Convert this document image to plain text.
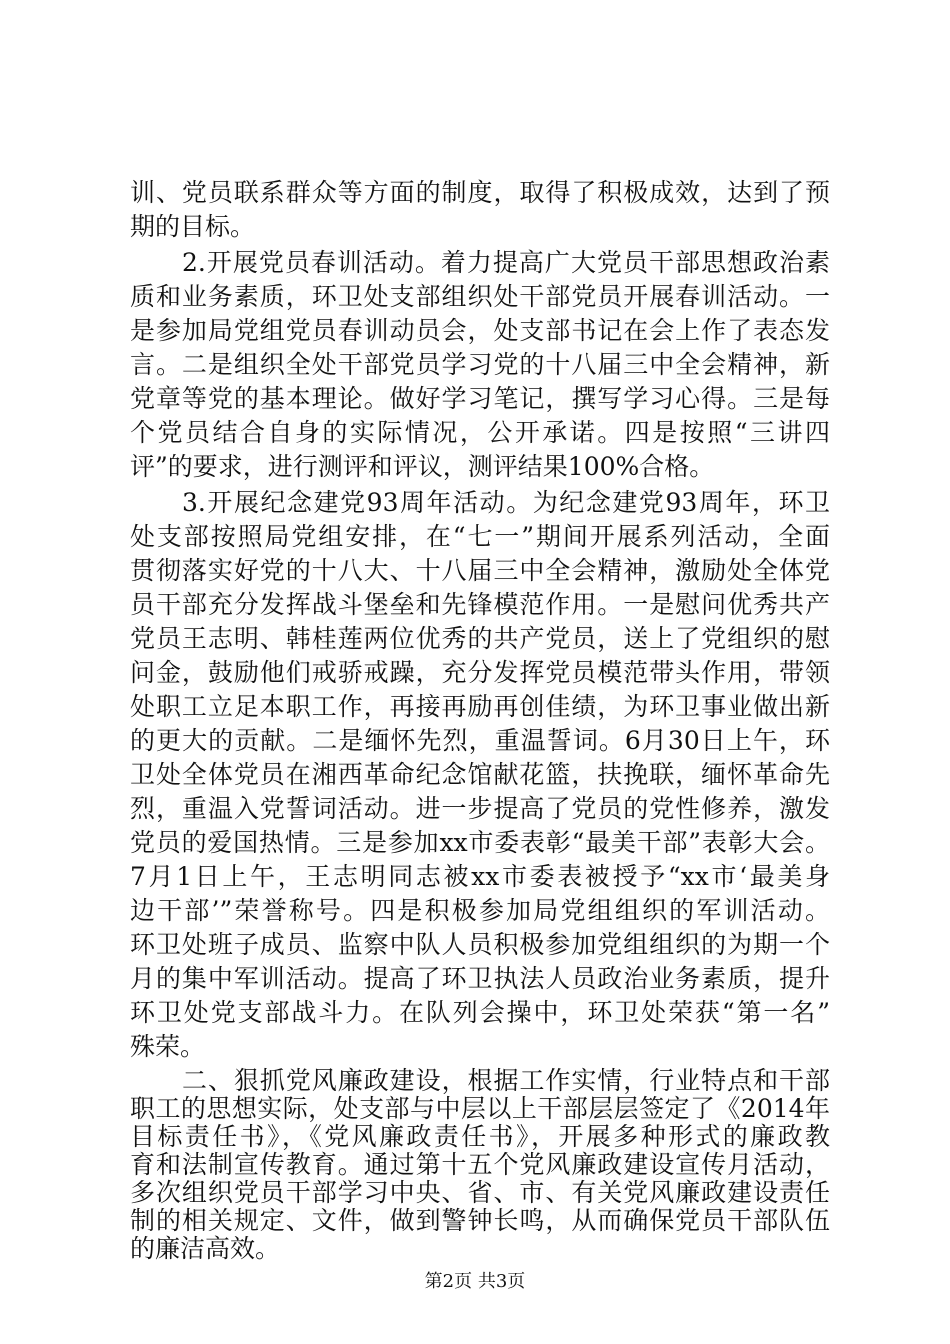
训、党员联系群众等方面的制度，取得了积极成效，达到了预
期的目标。
2.开展党员春训活动。着力提高广大党员干部思想政治素
质和业务素质，环卫处支部组织处干部党员开展春训活动。一
是参加局党组党员春训动员会，处支部书记在会上作了表态发
言。二是组织全处干部党员学习党的十八届三中全会精神，新
党章等党的基本理论。做好学习笔记，撰写学习心得。三是每
个党员结合自身的实际情况，公开承诺。四是按照“三讲四
评”的要求，进行测评和评议，测评结果100%合格。
3.开展纪念建党93周年活动。为纪念建党93周年，环卫
处支部按照局党组安排，在“七一”期间开展系列活动，全面
贯彻落实好党的十八大、十八届三中全会精神，激励处全体党
员干部充分发挥战斗堡垒和先锋模范作用。一是慰问优秀共产
党员王志明、韩桂莲两位优秀的共产党员，送上了党组织的慰
问金，鼓励他们戒骄戒躁，充分发挥党员模范带头作用，带领
处职工立足本职工作，再接再励再创佳绩，为环卫事业做出新
的更大的贡献。二是缅怀先烈，重温誓词。6月30日上午，环
卫处全体党员在湘西革命纪念馆献花篮，扶挽联，缅怀革命先
烈，重温入党誓词活动。进一步提高了党员的党性修养，激发
党员的爱国热情。三是参加xx市委表彰“最美干部”表彰大会。
7月1日上午，王志明同志被xx市委表被授予“xx市‘最美身
边干部’”荣誉称号。四是积极参加局党组组织的军训活动。
环卫处班子成员、监察中队人员积极参加党组组织的为期一个
月的集中军训活动。提高了环卫执法人员政治业务素质，提升
环卫处党支部战斗力。在队列会操中，环卫处荣获“第一名”
殊荣。
二、狠抓党风廉政建设，根据工作实情，行业特点和干部
职工的思想实际，处支部与中层以上干部层层签定了《2014年
目标责任书》，《党风廉政责任书》，开展多种形式的廉政教
育和法制宣传教育。通过第十五个党风廉政建设宣传月活动，
多次组织党员干部学习中央、省、市、有关党风廉政建设责任
制的相关规定、文件，做到警钟长鸣，从而确保党员干部队伍
的廉洁高效。
第2页 共3页
